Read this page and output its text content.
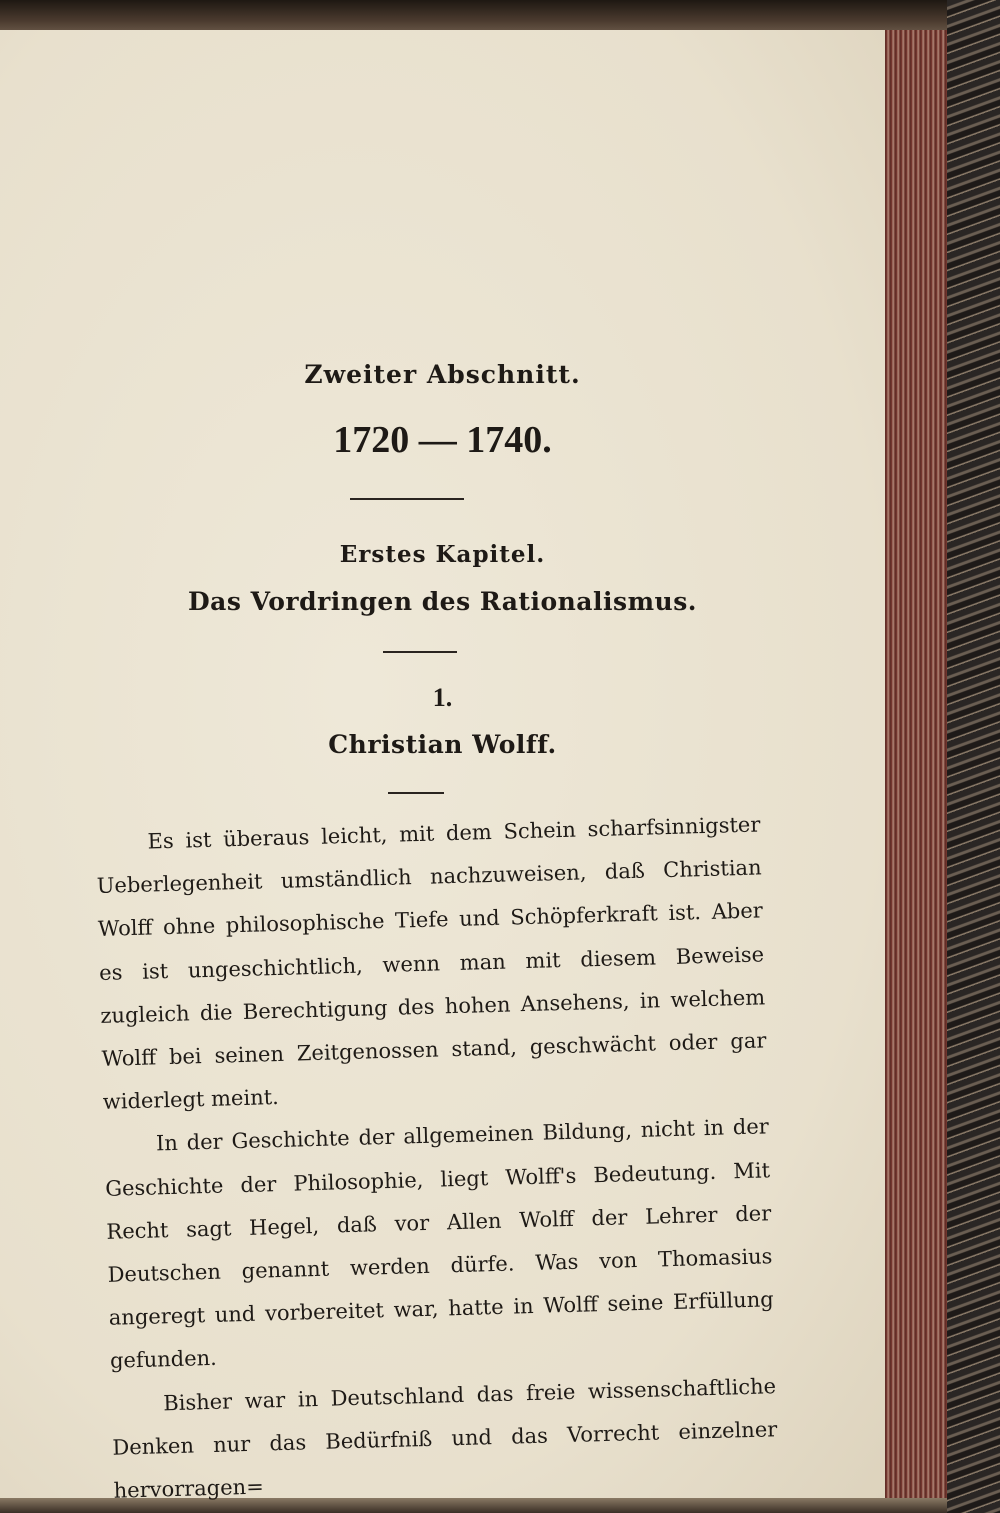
Zweiter Abschnitt.
1720 — 1740.
Erstes Kapitel.
Das Vordringen des Rationalismus.
1.
Christian Wolff.

Es ist überaus leicht, mit dem Schein scharfsinnigster Ueberlegenheit umständlich nachzuweisen, daß Christian Wolff ohne philosophische Tiefe und Schöpferkraft ist. Aber es ist ungeschichtlich, wenn man mit diesem Beweise zugleich die Berechtigung des hohen Ansehens, in welchem Wolff bei seinen Zeitgenossen stand, geschwächt oder gar widerlegt meint.

In der Geschichte der allgemeinen Bildung, nicht in der Geschichte der Philosophie, liegt Wolff's Bedeutung. Mit Recht sagt Hegel, daß vor Allen Wolff der Lehrer der Deutschen genannt werden dürfe. Was von Thomasius angeregt und vorbereitet war, hatte in Wolff seine Erfüllung gefunden.

Bisher war in Deutschland das freie wissenschaftliche Denken nur das Bedürfniß und das Vorrecht einzelner hervorragen=
